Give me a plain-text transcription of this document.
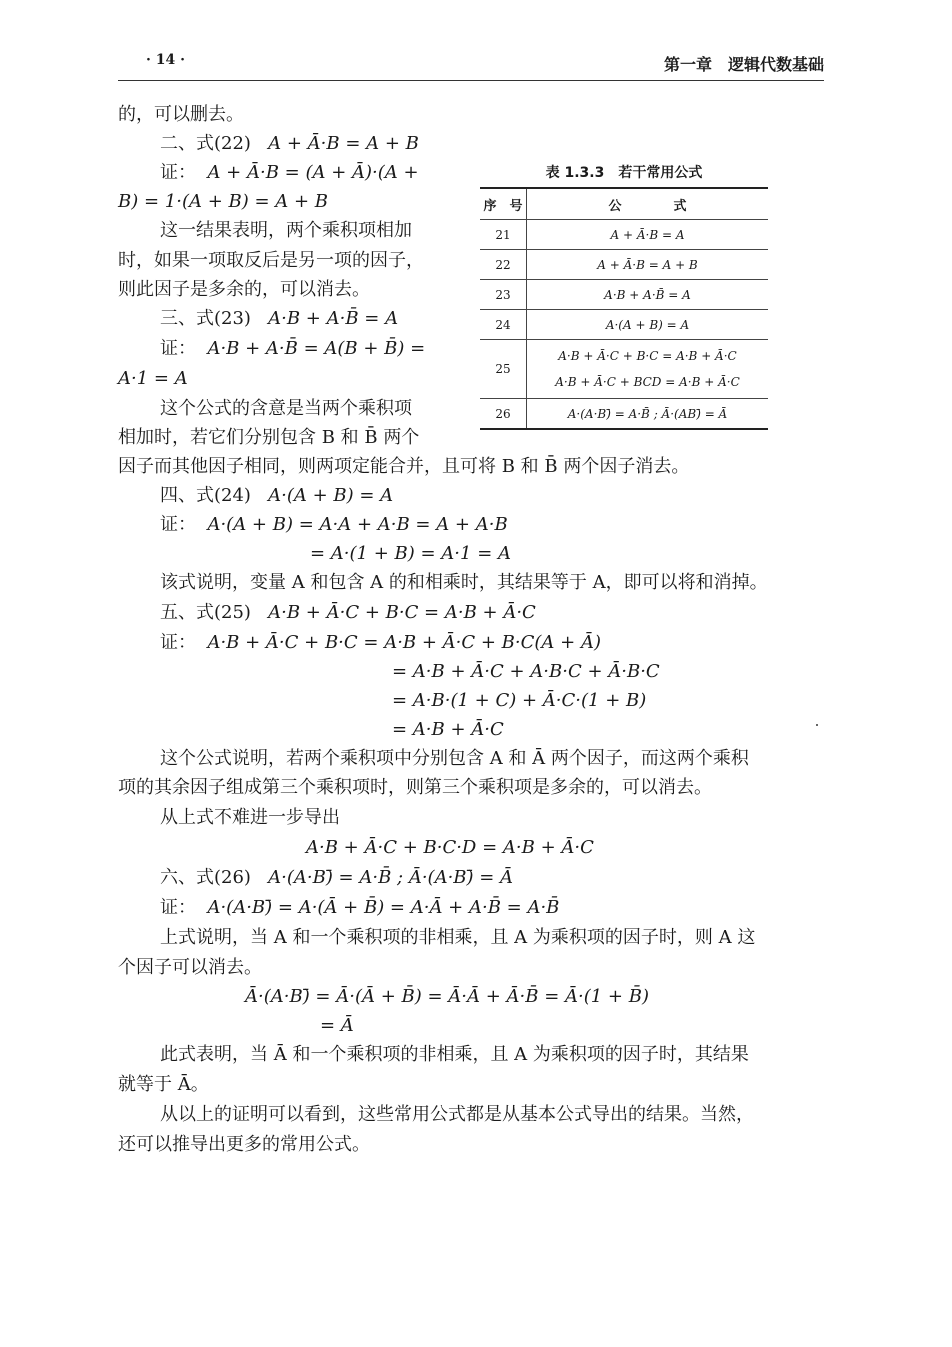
· 14 ·	第一章　逻辑代数基础
的，可以删去。
二、式(22) A + Ā·B = A + B
证： A + Ā·B = (A + Ā)·(A +
B) = 1·(A + B) = A + B
这一结果表明，两个乘积项相加
时，如果一项取反后是另一项的因子，
则此因子是多余的，可以消去。
三、式(23) A·B + A·B̄ = A
证： A·B + A·B̄ = A(B + B̄) =
A·1 = A
这个公式的含意是当两个乘积项
相加时，若它们分别包含 B 和 B̄ 两个
因子而其他因子相同，则两项定能合并，且可将 B 和 B̄ 两个因子消去。
四、式(24) A·(A + B) = A
证： A·(A + B) = A·A + A·B = A + A·B
= A·(1 + B) = A·1 = A
该式说明，变量 A 和包含 A 的和相乘时，其结果等于 A，即可以将和消掉。
五、式(25) A·B + Ā·C + B·C = A·B + Ā·C
证： A·B + Ā·C + B·C = A·B + Ā·C + B·C(A + Ā)
= A·B + Ā·C + A·B·C + Ā·B·C
= A·B·(1 + C) + Ā·C·(1 + B)
= A·B + Ā·C
这个公式说明，若两个乘积项中分别包含 A 和 Ā 两个因子，而这两个乘积
项的其余因子组成第三个乘积项时，则第三个乘积项是多余的，可以消去。
从上式不难进一步导出
A·B + Ā·C + B·C·D = A·B + Ā·C
六、式(26) A·(A·B)̄ = A·B̄ ; Ā·(A·B)̄ = Ā
证： A·(A·B)̄ = A·(Ā + B̄) = A·Ā + A·B̄ = A·B̄
上式说明，当 A 和一个乘积项的非相乘，且 A 为乘积项的因子时，则 A 这
个因子可以消去。
Ā·(A·B)̄ = Ā·(Ā + B̄) = Ā·Ā + Ā·B̄ = Ā·(1 + B̄)
= Ā
此式表明，当 Ā 和一个乘积项的非相乘，且 A 为乘积项的因子时，其结果
就等于 Ā。
从以上的证明可以看到，这些常用公式都是从基本公式导出的结果。当然，
还可以推导出更多的常用公式。
表 1.3.3　若干常用公式
序　号	公　　　　式
21	A + Ā·B = A
22	A + Ā·B = A + B
23	A·B + A·B̄ = A
24	A·(A + B) = A
25	A·B + Ā·C + B·C = A·B + Ā·C
A·B + Ā·C + BCD = A·B + Ā·C

26	A·(A·B)̄ = A·B̄ ; Ā·(AB)̄ = Ā
